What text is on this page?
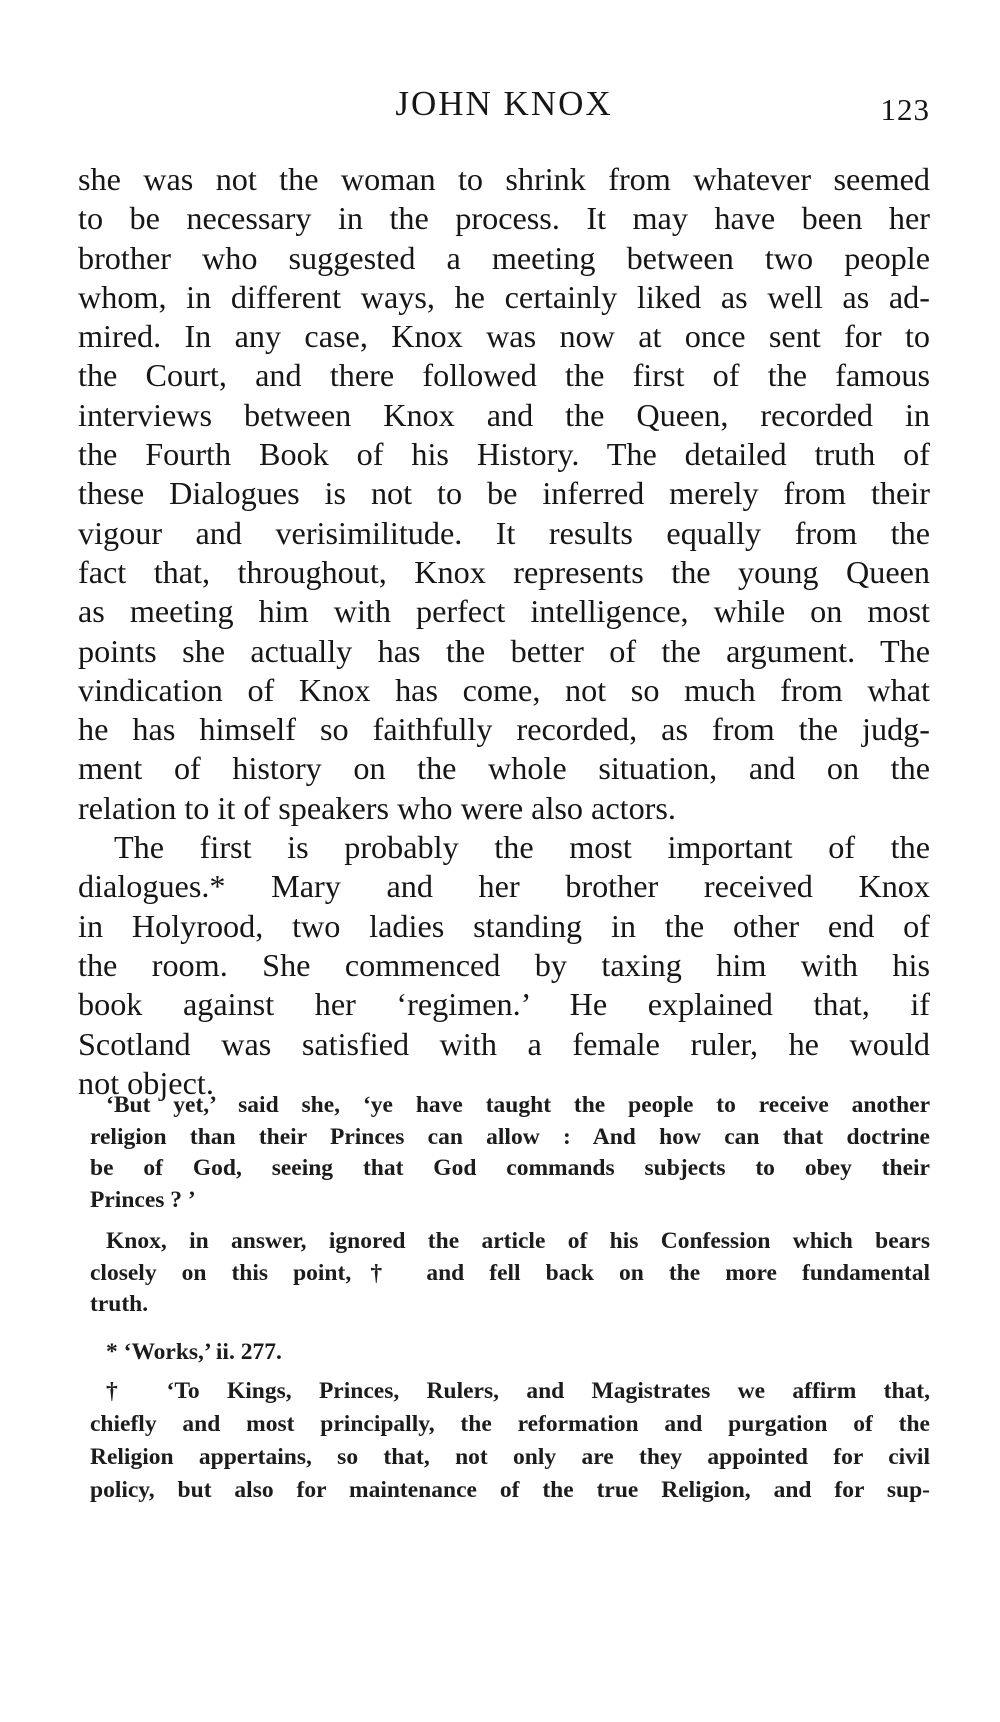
JOHN KNOX	123

she was not the woman to shrink from whatever seemed
to be necessary in the process. It may have been her
brother who suggested a meeting between two people
whom, in different ways, he certainly liked as well as ad-
mired. In any case, Knox was now at once sent for to
the Court, and there followed the first of the famous
interviews between Knox and the Queen, recorded in
the Fourth Book of his History. The detailed truth of
these Dialogues is not to be inferred merely from their
vigour and verisimilitude. It results equally from the
fact that, throughout, Knox represents the young Queen
as meeting him with perfect intelligence, while on most
points she actually has the better of the argument. The
vindication of Knox has come, not so much from what
he has himself so faithfully recorded, as from the judg-
ment of history on the whole situation, and on the
relation to it of speakers who were also actors.

The first is probably the most important of the
dialogues.* Mary and her brother received Knox
in Holyrood, two ladies standing in the other end of
the room. She commenced by taxing him with his
book against her ‘regimen.’ He explained that, if
Scotland was satisfied with a female ruler, he would
not object.

‘But yet,’ said she, ‘ye have taught the people to receive another
religion than their Princes can allow : And how can that doctrine
be of God, seeing that God commands subjects to obey their
Princes ? ’

Knox, in answer, ignored the article of his Confession which bears
closely on this point,† and fell back on the more fundamental
truth.

* ‘Works,’ ii. 277.
† ‘To Kings, Princes, Rulers, and Magistrates we affirm that,
chiefly and most principally, the reformation and purgation of the
Religion appertains, so that, not only are they appointed for civil
policy, but also for maintenance of the true Religion, and for sup-
